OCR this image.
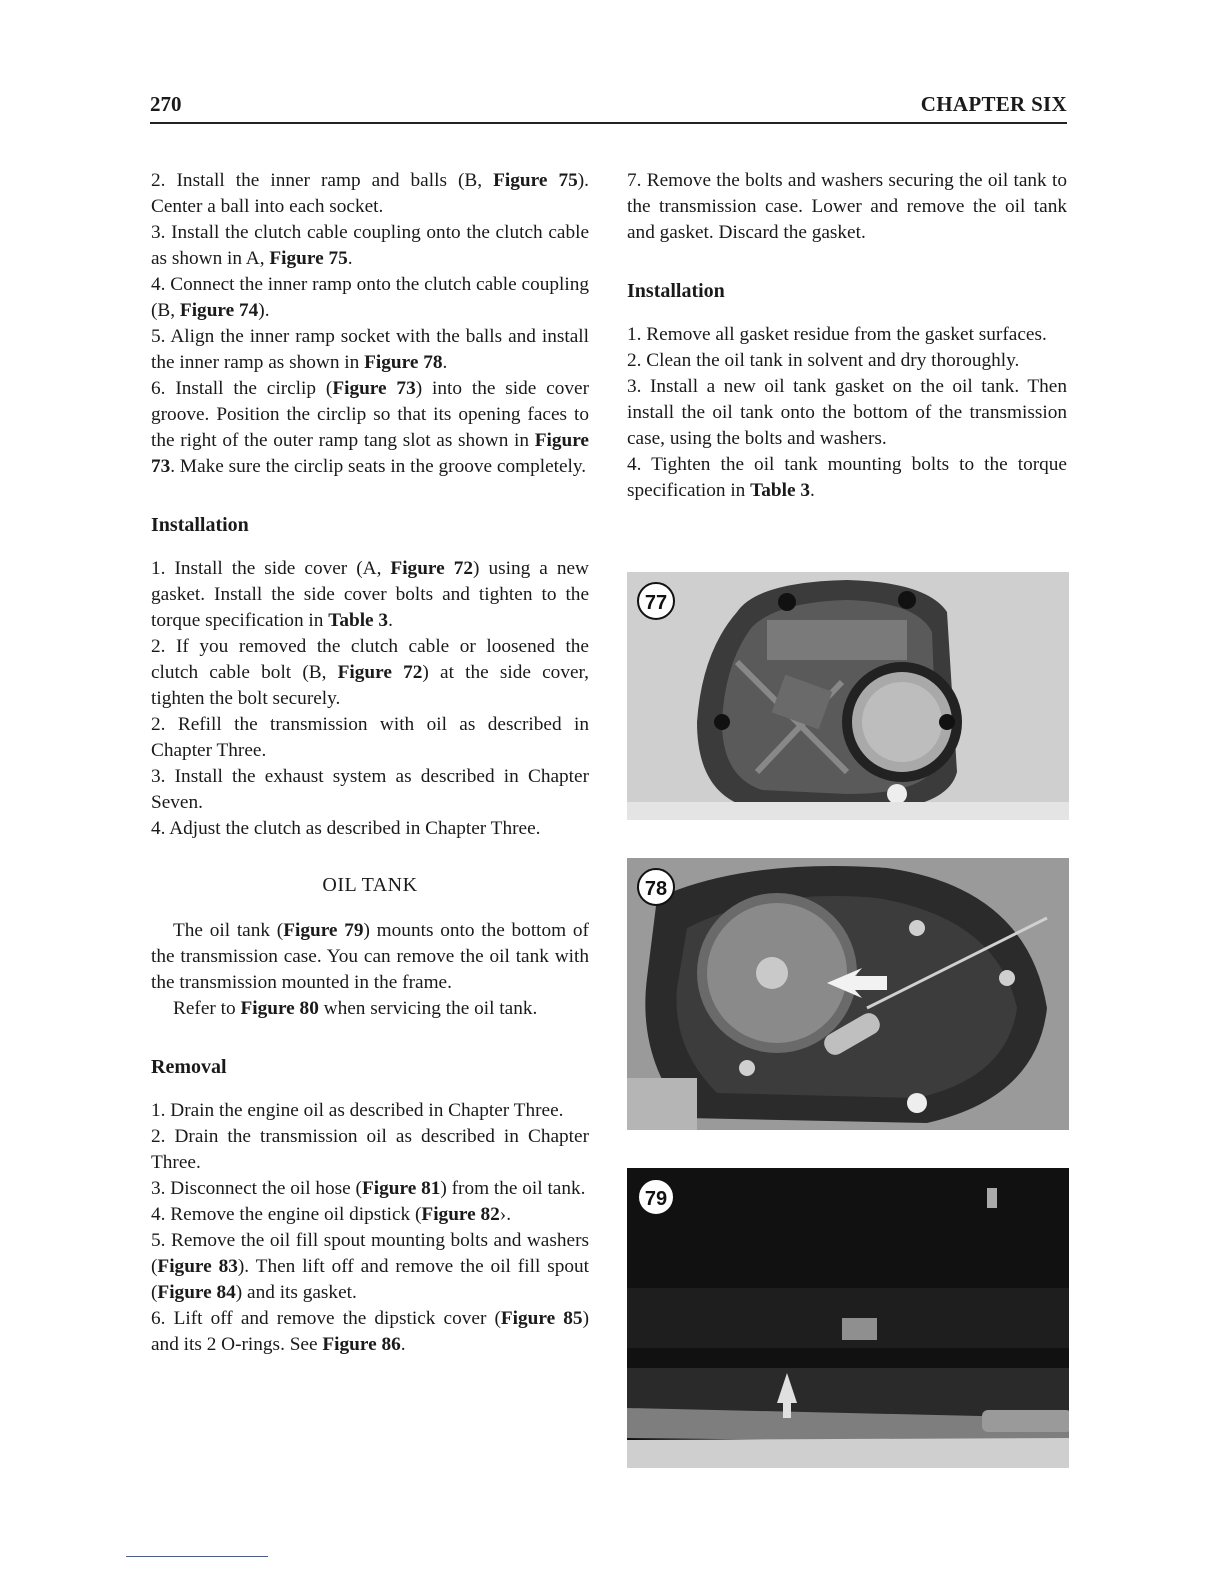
270	CHAPTER SIX

2. Install the inner ramp and balls (B, Figure 75). Center a ball into each socket.

3. Install the clutch cable coupling onto the clutch cable as shown in A, Figure 75.

4. Connect the inner ramp onto the clutch cable coupling (B, Figure 74).

5. Align the inner ramp socket with the balls and install the inner ramp as shown in Figure 78.

6. Install the circlip (Figure 73) into the side cover groove. Position the circlip so that its opening faces to the right of the outer ramp tang slot as shown in Figure 73. Make sure the circlip seats in the groove completely.

Installation

1. Install the side cover (A, Figure 72) using a new gasket. Install the side cover bolts and tighten to the torque specification in Table 3.

2. If you removed the clutch cable or loosened the clutch cable bolt (B, Figure 72) at the side cover, tighten the bolt securely.

2. Refill the transmission with oil as described in Chapter Three.

3. Install the exhaust system as described in Chapter Seven.

4. Adjust the clutch as described in Chapter Three.

OIL TANK

The oil tank (Figure 79) mounts onto the bottom of the transmission case. You can remove the oil tank with the transmission mounted in the frame.

Refer to Figure 80 when servicing the oil tank.

Removal

1. Drain the engine oil as described in Chapter Three.

2. Drain the transmission oil as described in Chapter Three.

3. Disconnect the oil hose (Figure 81) from the oil tank.

4. Remove the engine oil dipstick (Figure 82›.

5. Remove the oil fill spout mounting bolts and washers (Figure 83). Then lift off and remove the oil fill spout (Figure 84) and its gasket.

6. Lift off and remove the dipstick cover (Figure 85) and its 2 O-rings. See Figure 86.

7. Remove the bolts and washers securing the oil tank to the transmission case. Lower and remove the oil tank and gasket. Discard the gasket.

Installation

1. Remove all gasket residue from the gasket surfaces.

2. Clean the oil tank in solvent and dry thoroughly.

3. Install a new oil tank gasket on the oil tank. Then install the oil tank onto the bottom of the transmission case, using the bolts and washers.

4. Tighten the oil tank mounting bolts to the torque specification in Table 3.

77
78
79
